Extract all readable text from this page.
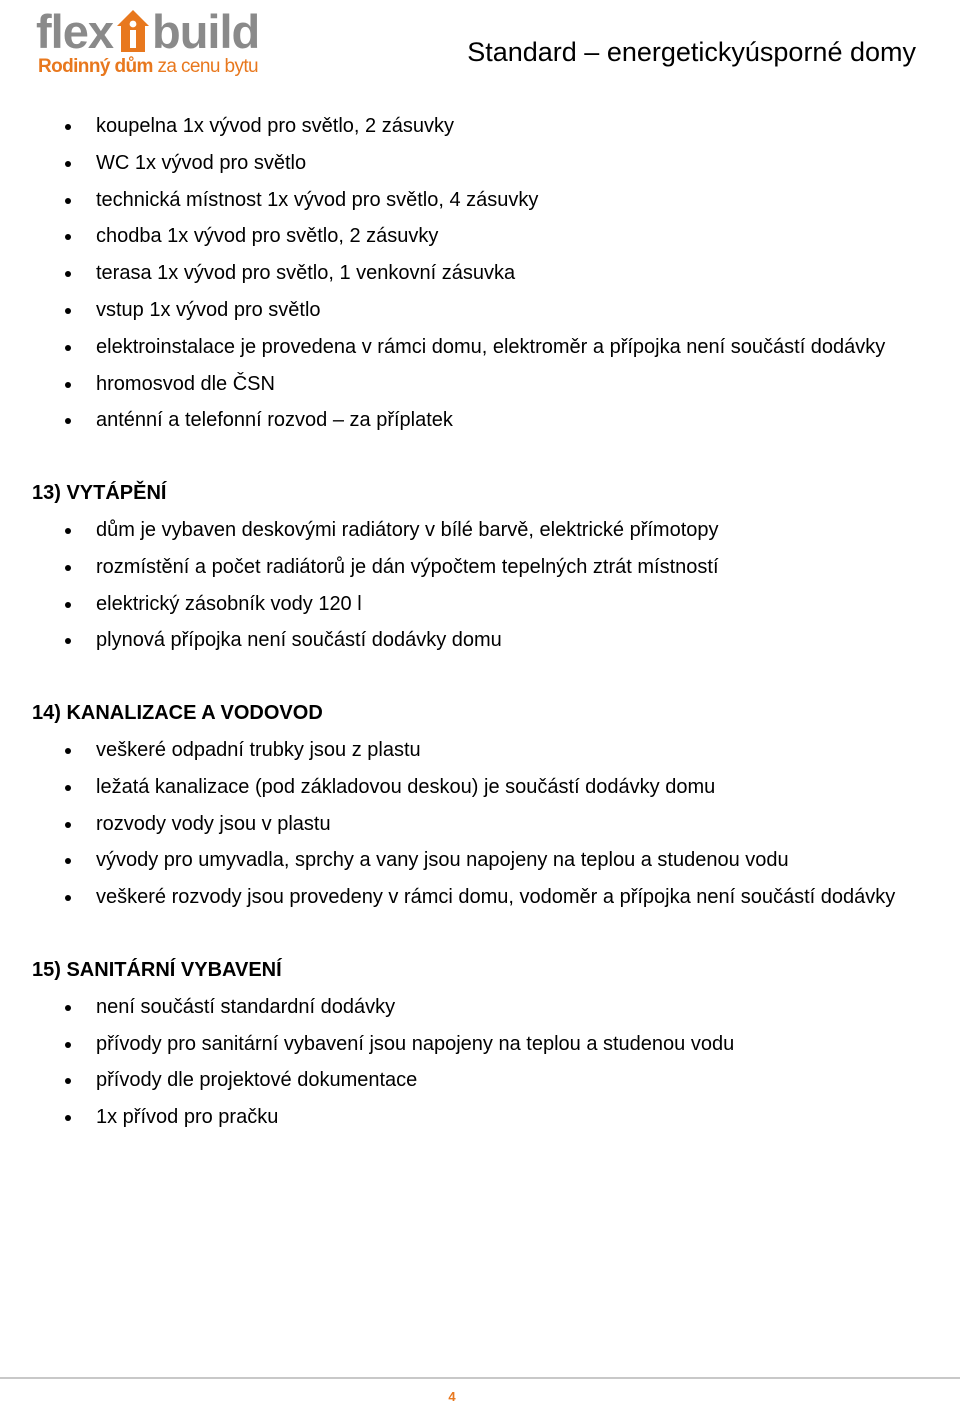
flex build
Rodinný dům za cenu bytu	Standard – energetickyúsporné domy
koupelna 1x vývod pro světlo, 2 zásuvky
WC 1x vývod pro světlo
technická místnost 1x vývod pro světlo, 4 zásuvky
chodba 1x vývod pro světlo, 2 zásuvky
terasa 1x vývod pro světlo, 1 venkovní zásuvka
vstup 1x vývod pro světlo
elektroinstalace je provedena v rámci domu, elektroměr a přípojka není součástí dodávky
hromosvod dle ČSN
anténní a telefonní rozvod – za příplatek
13) VYTÁPĚNÍ
dům je vybaven deskovými radiátory v bílé barvě, elektrické přímotopy
rozmístění a počet radiátorů je dán výpočtem tepelných ztrát místností
elektrický zásobník vody 120 l
plynová přípojka není součástí dodávky domu
14) KANALIZACE A VODOVOD
veškeré odpadní trubky jsou z plastu
ležatá kanalizace (pod základovou deskou) je součástí dodávky domu
rozvody vody jsou v plastu
vývody pro umyvadla, sprchy a vany jsou napojeny na teplou a studenou vodu
veškeré rozvody jsou provedeny v rámci domu, vodoměr a přípojka není součástí dodávky
15) SANITÁRNÍ VYBAVENÍ
není součástí standardní dodávky
přívody pro sanitární vybavení jsou napojeny na teplou a studenou vodu
přívody dle projektové dokumentace
1x přívod pro pračku
4
